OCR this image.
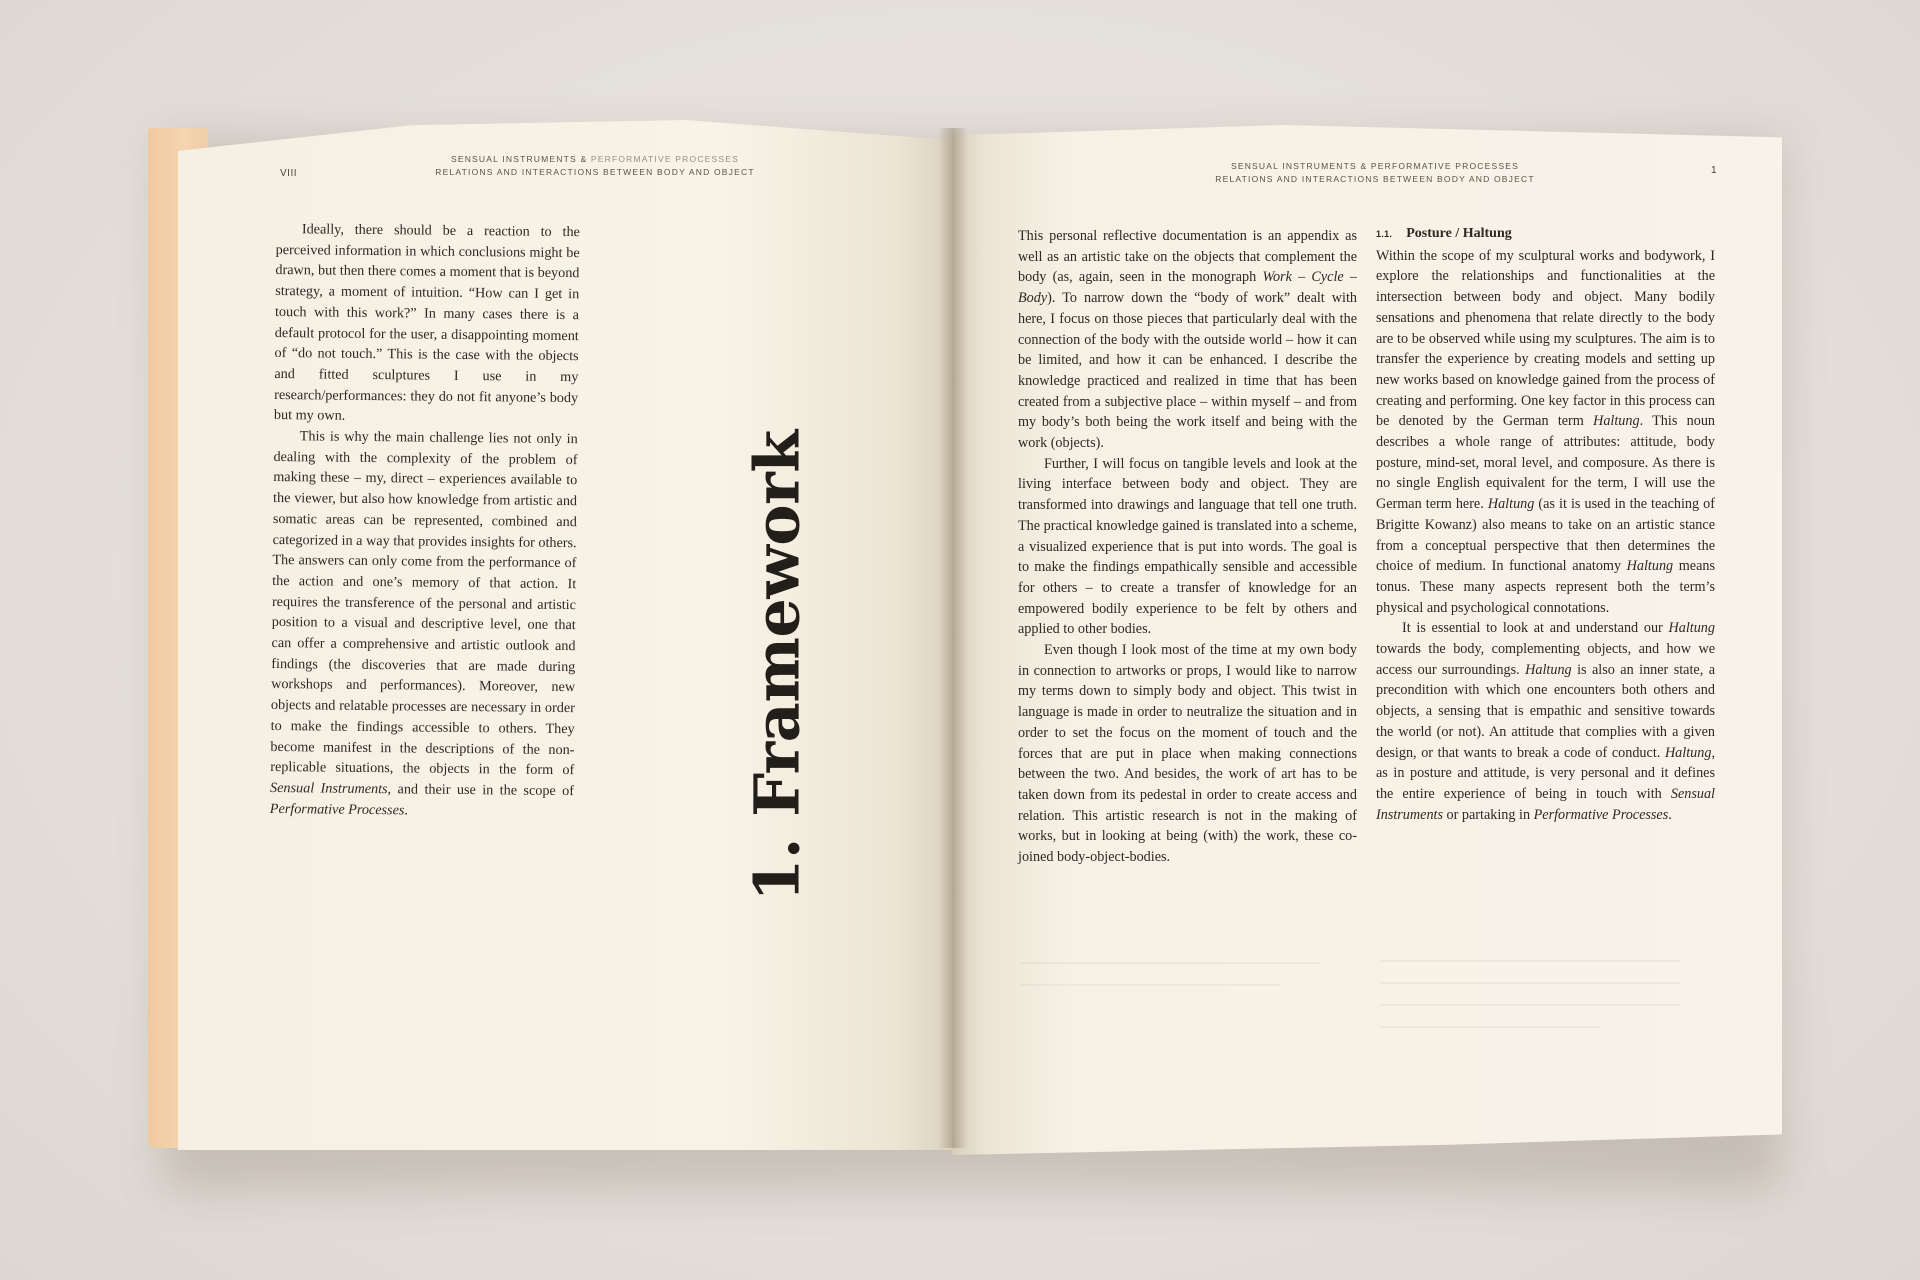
VIII
SENSUAL INSTRUMENTS & PERFORMATIVE PROCESSES
RELATIONS AND INTERACTIONS BETWEEN BODY AND OBJECT

Ideally, there should be a reaction to the perceived information in which conclusions might be drawn, but then there comes a moment that is beyond strategy, a moment of intuition. “How can I get in touch with this work?” In many cases there is a default protocol for the user, a disappointing moment of “do not touch.” This is the case with the objects and fitted sculptures I use in my research/performances: they do not fit anyone’s body but my own.

This is why the main challenge lies not only in dealing with the complexity of the problem of making these – my, direct – experiences available to the viewer, but also how knowledge from artistic and somatic areas can be represented, combined and categorized in a way that provides insights for others. The answers can only come from the performance of the action and one’s memory of that action. It requires the transference of the personal and artistic position to a visual and descriptive level, one that can offer a comprehensive and artistic outlook and findings (the discoveries that are made during workshops and performances). Moreover, new objects and relatable processes are necessary in order to make the findings accessible to others. They become manifest in the descriptions of the non-replicable situations, the objects in the form of Sensual Instruments, and their use in the scope of Performative Processes.	1. Framework
SENSUAL INSTRUMENTS & PERFORMATIVE PROCESSES
RELATIONS AND INTERACTIONS BETWEEN BODY AND OBJECT
1

This personal reflective documentation is an appendix as well as an artistic take on the objects that complement the body (as, again, seen in the monograph Work – Cycle – Body). To narrow down the “body of work” dealt with here, I focus on those pieces that particularly deal with the connection of the body with the outside world – how it can be limited, and how it can be enhanced. I describe the knowledge practiced and realized in time that has been created from a subjective place – within myself – and from my body’s both being the work itself and being with the work (objects).

Further, I will focus on tangible levels and look at the living interface between body and object. They are transformed into drawings and language that tell one truth. The practical knowledge gained is translated into a scheme, a visualized experience that is put into words. The goal is to make the findings empathically sensible and accessible for others – to create a transfer of knowledge for an empowered bodily experience to be felt by others and applied to other bodies.

Even though I look most of the time at my own body in connection to artworks or props, I would like to narrow my terms down to simply body and object. This twist in language is made in order to neutralize the situation and in order to set the focus on the moment of touch and the forces that are put in place when making connections between the two. And besides, the work of art has to be taken down from its pedestal in order to create access and relation. This artistic research is not in the making of works, but in looking at being (with) the work, these co-joined body-object-bodies.

1.1. Posture / Haltung

Within the scope of my sculptural works and bodywork, I explore the relationships and functionalities at the intersection between body and object. Many bodily sensations and phenomena that relate directly to the body are to be observed while using my sculptures. The aim is to transfer the experience by creating models and setting up new works based on knowledge gained from the process of creating and performing. One key factor in this process can be denoted by the German term Haltung. This noun describes a whole range of attributes: attitude, body posture, mind-set, moral level, and composure. As there is no single English equivalent for the term, I will use the German term here. Haltung (as it is used in the teaching of Brigitte Kowanz) also means to take on an artistic stance from a conceptual perspective that then determines the choice of medium. In functional anatomy Haltung means tonus. These many aspects represent both the term’s physical and psychological connotations.

It is essential to look at and understand our Haltung towards the body, complementing objects, and how we access our surroundings. Haltung is also an inner state, a precondition with which one encounters both others and objects, a sensing that is empathic and sensitive towards the world (or not). An attitude that complies with a given design, or that wants to break a code of conduct. Haltung, as in posture and attitude, is very personal and it defines the entire experience of being in touch with Sensual Instruments or partaking in Performative Processes.
